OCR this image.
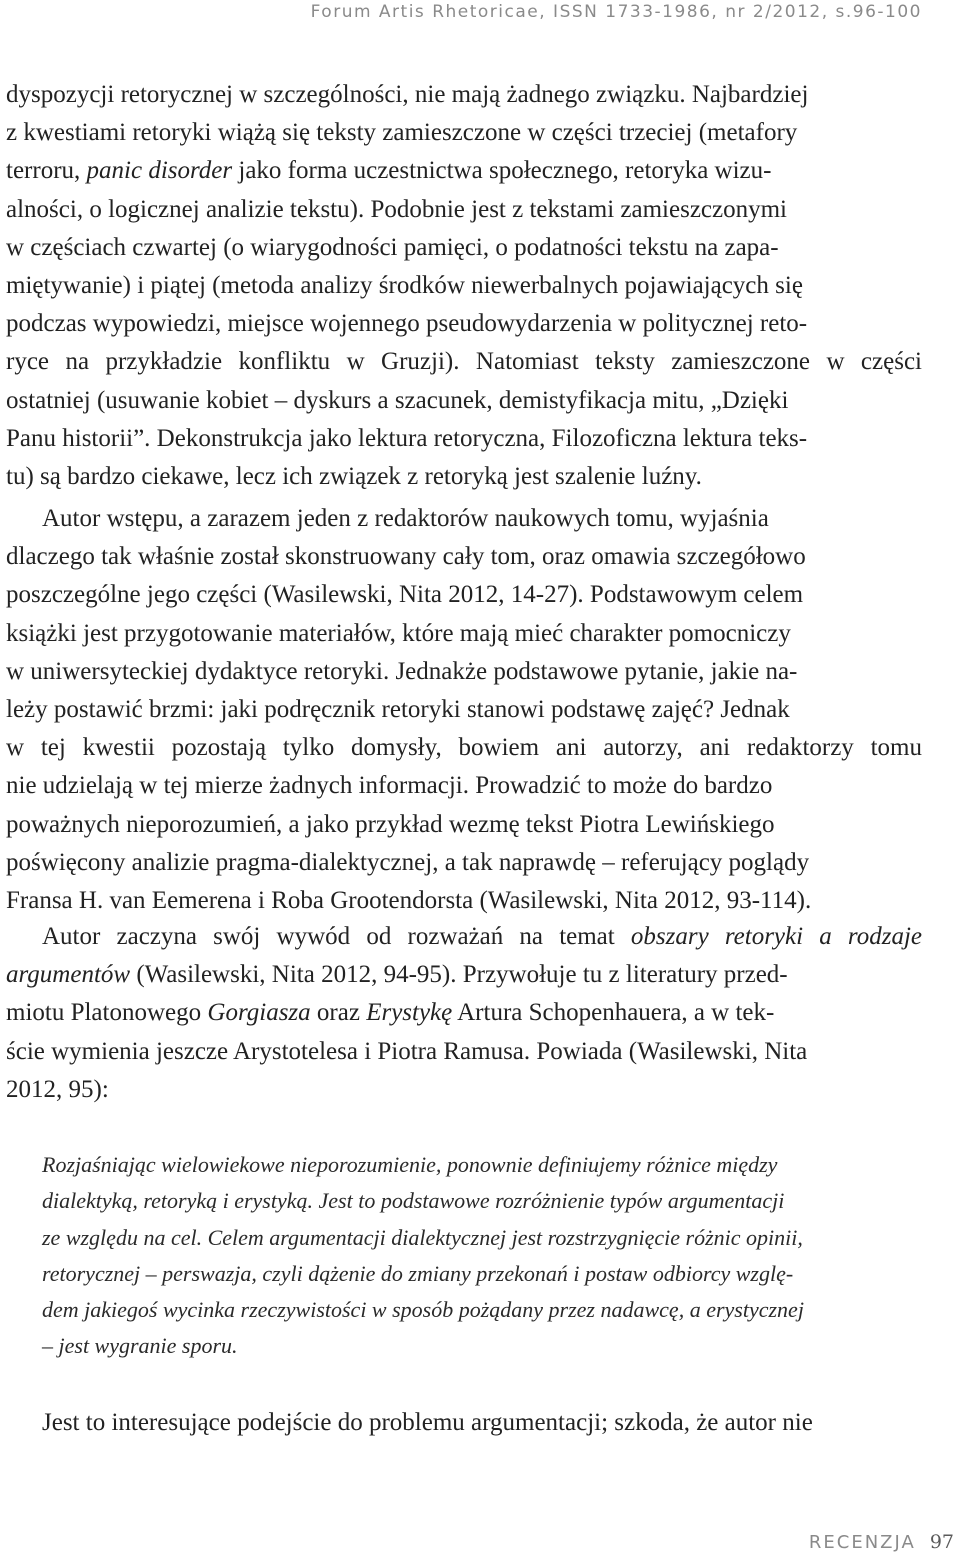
Forum Artis Rhetoricae, ISSN 1733-1986, nr 2/2012, s.96-100
dyspozycji retorycznej w szczególności, nie mają żadnego związku. Najbardziej
z kwestiami retoryki wiążą się teksty zamieszczone w części trzeciej (metafory
terroru, panic disorder jako forma uczestnictwa społecznego, retoryka wizu-
alności, o logicznej analizie tekstu). Podobnie jest z tekstami zamieszczonymi
w częściach czwartej (o wiarygodności pamięci, o podatności tekstu na zapa-
miętywanie) i piątej (metoda analizy środków niewerbalnych pojawiających się
podczas wypowiedzi, miejsce wojennego pseudowydarzenia w politycznej reto-
ryce na przykładzie konfliktu w Gruzji). Natomiast teksty zamieszczone w części
ostatniej (usuwanie kobiet – dyskurs a szacunek, demistyfikacja mitu, „Dzięki
Panu historii”. Dekonstrukcja jako lektura retoryczna, Filozoficzna lektura teks-
tu) są bardzo ciekawe, lecz ich związek z retoryką jest szalenie luźny.
Autor wstępu, a zarazem jeden z redaktorów naukowych tomu, wyjaśnia
dlaczego tak właśnie został skonstruowany cały tom, oraz omawia szczegółowo
poszczególne jego części (Wasilewski, Nita 2012, 14-27). Podstawowym celem
książki jest przygotowanie materiałów, które mają mieć charakter pomocniczy
w uniwersyteckiej dydaktyce retoryki. Jednakże podstawowe pytanie, jakie na-
leży postawić brzmi: jaki podręcznik retoryki stanowi podstawę zajęć? Jednak
w tej kwestii pozostają tylko domysły, bowiem ani autorzy, ani redaktorzy tomu
nie udzielają w tej mierze żadnych informacji. Prowadzić to może do bardzo
poważnych nieporozumień, a jako przykład wezmę tekst Piotra Lewińskiego
poświęcony analizie pragma-dialektycznej, a tak naprawdę – referujący poglądy
Fransa H. van Eemerena i Roba Grootendorsta (Wasilewski, Nita 2012, 93-114).
Autor zaczyna swój wywód od rozważań na temat obszary retoryki a rodzaje
argumentów (Wasilewski, Nita 2012, 94-95). Przywołuje tu z literatury przed-
miotu Platonowego Gorgiasza oraz Erystykę Artura Schopenhauera, a w tek-
ście wymienia jeszcze Arystotelesa i Piotra Ramusa. Powiada (Wasilewski, Nita
2012, 95):
Rozjaśniając wielowiekowe nieporozumienie, ponownie definiujemy różnice między
dialektyką, retoryką i erystyką. Jest to podstawowe rozróżnienie typów argumentacji
ze względu na cel. Celem argumentacji dialektycznej jest rozstrzygnięcie różnic opinii,
retorycznej – perswazja, czyli dążenie do zmiany przekonań i postaw odbiorcy wzglę-
dem jakiegoś wycinka rzeczywistości w sposób pożądany przez nadawcę, a erystycznej
– jest wygranie sporu.
Jest to interesujące podejście do problemu argumentacji; szkoda, że autor nie
RECENZJA 97
